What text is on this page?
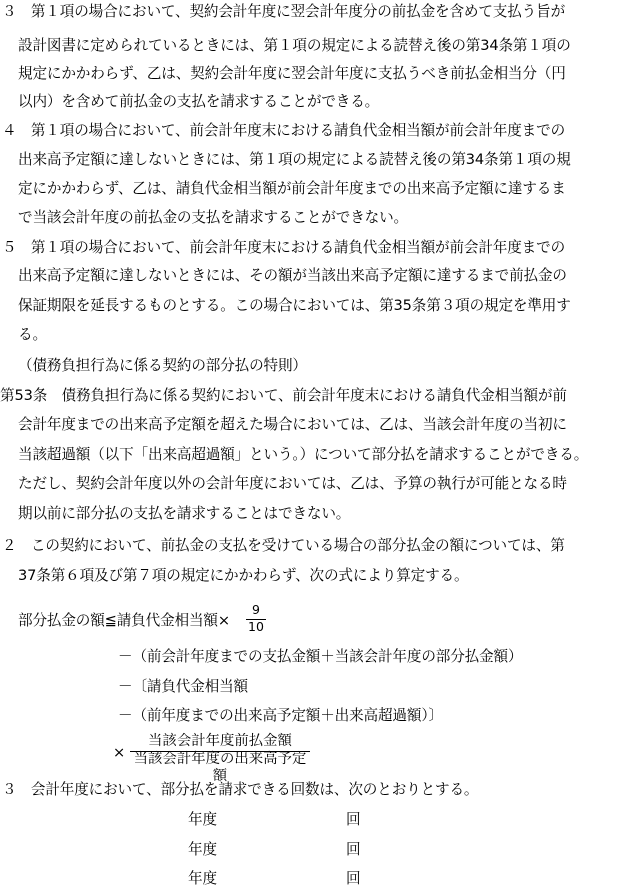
３　第１項の場合において、契約会計年度に翌会計年度分の前払金を含めて支払う旨が
設計図書に定められているときには、第１項の規定による読替え後の第34条第１項の
規定にかかわらず、乙は、契約会計年度に翌会計年度に支払うべき前払金相当分（円
以内）を含めて前払金の支払を請求することができる。
４　第１項の場合において、前会計年度末における請負代金相当額が前会計年度までの
出来高予定額に達しないときには、第１項の規定による読替え後の第34条第１項の規
定にかかわらず、乙は、請負代金相当額が前会計年度までの出来高予定額に達するま
で当該会計年度の前払金の支払を請求することができない。
５　第１項の場合において、前会計年度末における請負代金相当額が前会計年度までの
出来高予定額に達しないときには、その額が当該出来高予定額に達するまで前払金の
保証期限を延長するものとする。この場合においては、第35条第３項の規定を準用す
る。
（債務負担行為に係る契約の部分払の特則）
第53条　債務負担行為に係る契約において、前会計年度末における請負代金相当額が前
会計年度までの出来高予定額を超えた場合においては、乙は、当該会計年度の当初に
当該超過額（以下「出来高超過額」という。）について部分払を請求することができる。
ただし、契約会計年度以外の会計年度においては、乙は、予算の執行が可能となる時
期以前に部分払の支払を請求することはできない。
２　この契約において、前払金の支払を受けている場合の部分払金の額については、第
37条第６項及び第７項の規定にかかわらず、次の式により算定する。
部分払金の額≦請負代金相当額×
9
10
－（前会計年度までの支払金額＋当該会計年度の部分払金額）
－〔請負代金相当額
－（前年度までの出来高予定額＋出来高超過額）〕
×
当該会計年度前払金額
当該会計年度の出来高予定額
３　会計年度において、部分払を請求できる回数は、次のとおりとする。
年度	回
年度	回
年度	回
